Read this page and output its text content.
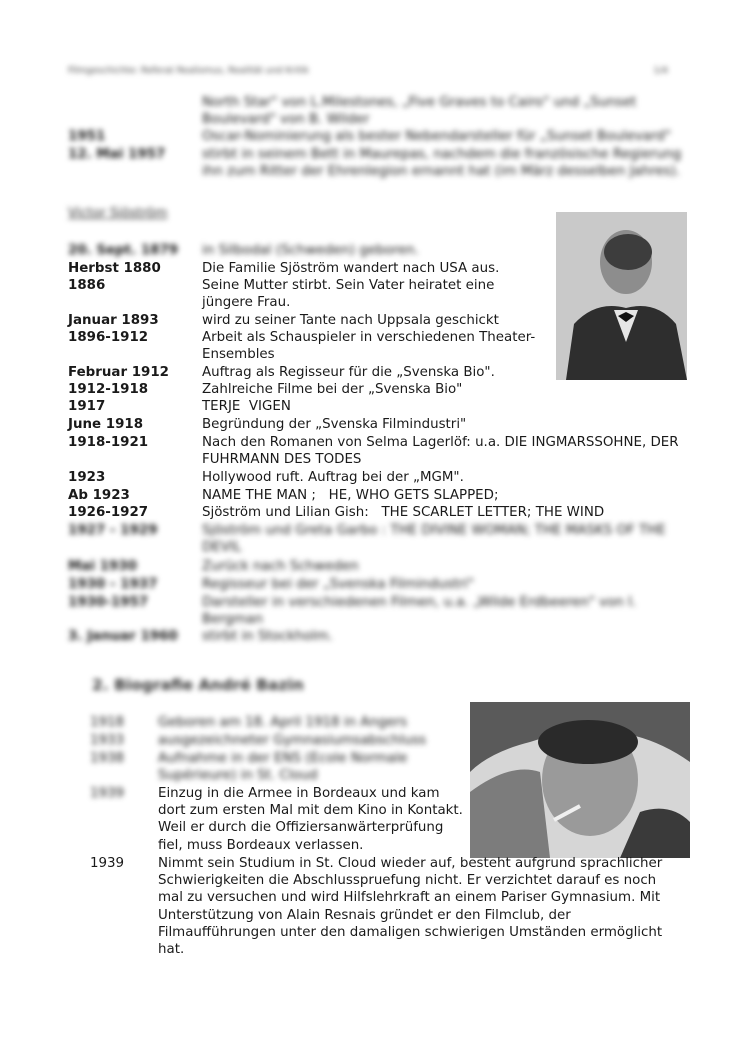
Filmgeschichte: Referat Realismus, Realität und Kritik	1/4
North Star" von L.Milestones, „Five Graves to Cairo" und „Sunset Boulevard" von B. Wilder
1951	Oscar-Nominierung als bester Nebendarsteller für „Sunset Boulevard"
12. Mai 1957	stirbt in seinem Bett in Maurepas, nachdem die französische Regierung ihn zum Ritter der Ehrenlegion ernannt hat (im März desselben Jahres).
Victor Sjöström
20. Sept. 1879 in Silbodal (Schweden) geboren.
Herbst 1880	Die Familie Sjöström wandert nach USA aus.
1886	Seine Mutter stirbt. Sein Vater heiratet eine jüngere Frau.
Januar 1893	wird zu seiner Tante nach Uppsala geschickt
1896-1912	Arbeit als Schauspieler in verschiedenen Theater-Ensembles
Februar 1912 Auftrag als Regisseur für die „Svenska Bio".
1912-1918	Zahlreiche Filme bei der „Svenska Bio"
1917	TERJE  VIGEN
June 1918	Begründung der „Svenska Filmindustri"
1918-1921	Nach den Romanen von Selma Lagerlöf: u.a. DIE INGMARSSOHNE, DER FUHRMANN DES TODES
1923	Hollywood ruft. Auftrag bei der „MGM".
Ab 1923	NAME THE MAN ;   HE, WHO GETS SLAPPED;
1926-1927	Sjöström und Lilian Gish:   THE SCARLET LETTER; THE WIND
1927 - 1929	Sjöström und Greta Garbo : THE DIVINE WOMAN; THE MASKS OF THE DEVIL
Mai 1930	Zurück nach Schweden
1930 - 1937	Regisseur bei der „Svenska Filmindustri"
1930-1957	Darsteller in verschiedenen Filmen, u.a. „Wilde Erdbeeren" von I. Bergman
3. Januar 1960 stirbt in Stockholm.
2. Biografie André Bazin
1918	Geboren am 18. April 1918 in Angers
1933	ausgezeichneter Gymnasiumsabschluss
1938	Aufnahme in der ENS (Ecole Normale Supérieure) in St. Cloud
1939	Einzug in die Armee in Bordeaux und kam dort zum ersten Mal mit dem Kino in Kontakt. Weil er durch die Offiziersanwärterprüfung fiel, muss Bordeaux verlassen.
1939	Nimmt sein Studium in St. Cloud wieder auf, besteht aufgrund sprachlicher Schwierigkeiten die Abschlusspruefung nicht. Er verzichtet darauf es noch mal zu versuchen und wird Hilfslehrkraft an einem Pariser Gymnasium. Mit Unterstützung von Alain Resnais gründet er den Filmclub, der Filmaufführungen unter den damaligen schwierigen Umständen ermöglicht hat.
